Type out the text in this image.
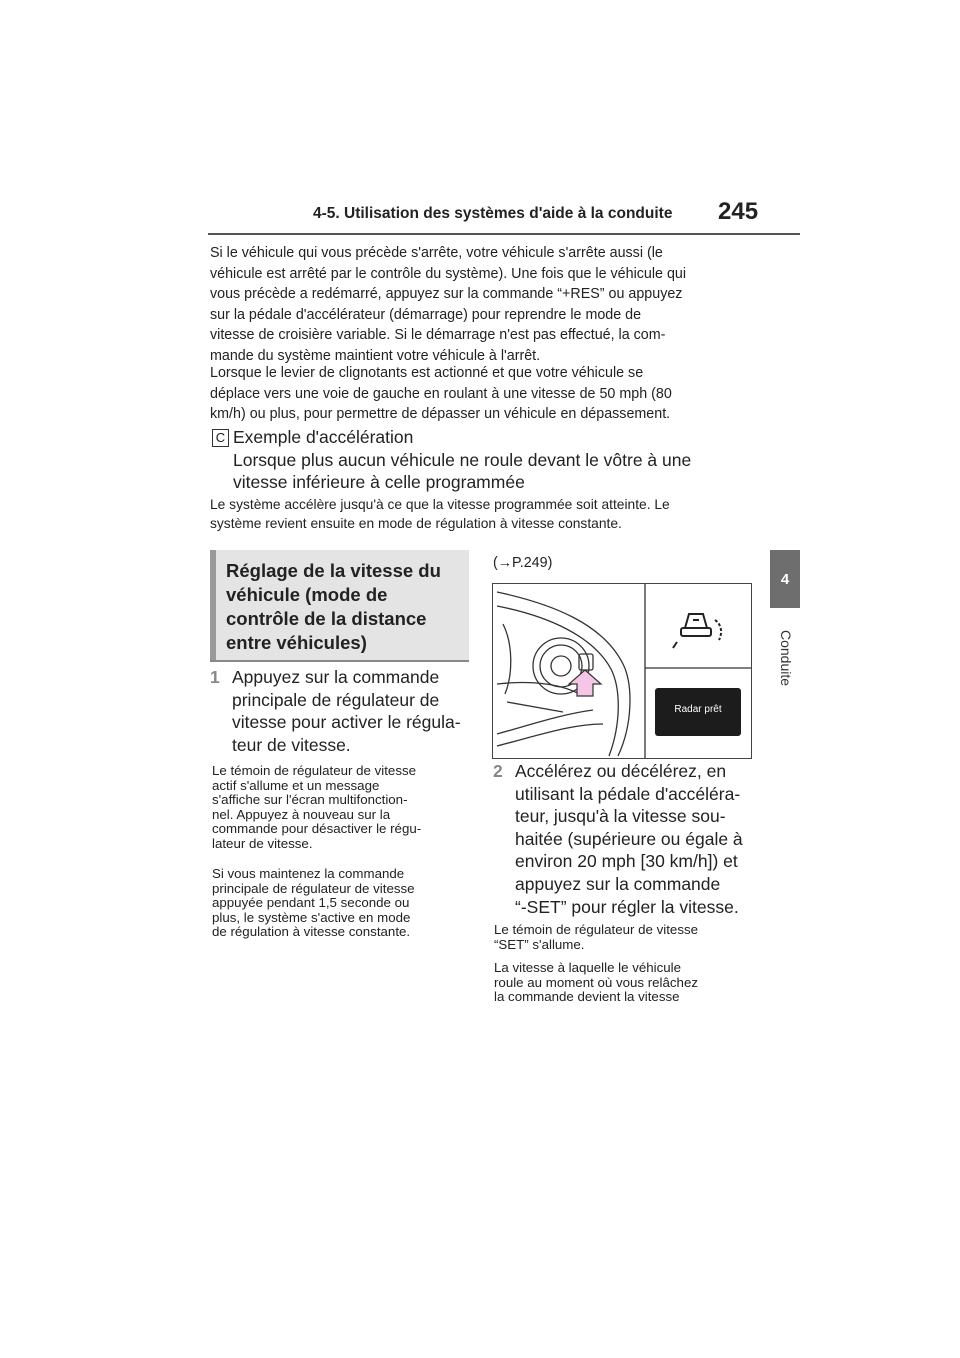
4-5. Utilisation des systèmes d'aide à la conduite 245
4
Conduite
Si le véhicule qui vous précède s'arrête, votre véhicule s'arrête aussi (le
véhicule est arrêté par le contrôle du système). Une fois que le véhicule qui
vous précède a redémarré, appuyez sur la commande “+RES” ou appuyez
sur la pédale d'accélérateur (démarrage) pour reprendre le mode de
vitesse de croisière variable. Si le démarrage n'est pas effectué, la com-
mande du système maintient votre véhicule à l'arrêt.
Lorsque le levier de clignotants est actionné et que votre véhicule se
déplace vers une voie de gauche en roulant à une vitesse de 50 mph (80
km/h) ou plus, pour permettre de dépasser un véhicule en dépassement.
C Exemple d'accélération
Lorsque plus aucun véhicule ne roule devant le vôtre à une
vitesse inférieure à celle programmée
Le système accélère jusqu'à ce que la vitesse programmée soit atteinte. Le
système revient ensuite en mode de régulation à vitesse constante.
Réglage de la vitesse du
véhicule (mode de
contrôle de la distance
entre véhicules)
1 Appuyez sur la commande
principale de régulateur de
vitesse pour activer le régula-
teur de vitesse.
Le témoin de régulateur de vitesse
actif s'allume et un message
s'affiche sur l'écran multifonction-
nel. Appuyez à nouveau sur la
commande pour désactiver le régu-
lateur de vitesse.
Si vous maintenez la commande
principale de régulateur de vitesse
appuyée pendant 1,5 seconde ou
plus, le système s'active en mode
de régulation à vitesse constante.
(→P.249)
Radar prêt
2 Accélérez ou décélérez, en
utilisant la pédale d'accéléra-
teur, jusqu'à la vitesse sou-
haitée (supérieure ou égale à
environ 20 mph [30 km/h]) et
appuyez sur la commande
“-SET” pour régler la vitesse.
Le témoin de régulateur de vitesse
“SET” s'allume.
La vitesse à laquelle le véhicule
roule au moment où vous relâchez
la commande devient la vitesse
